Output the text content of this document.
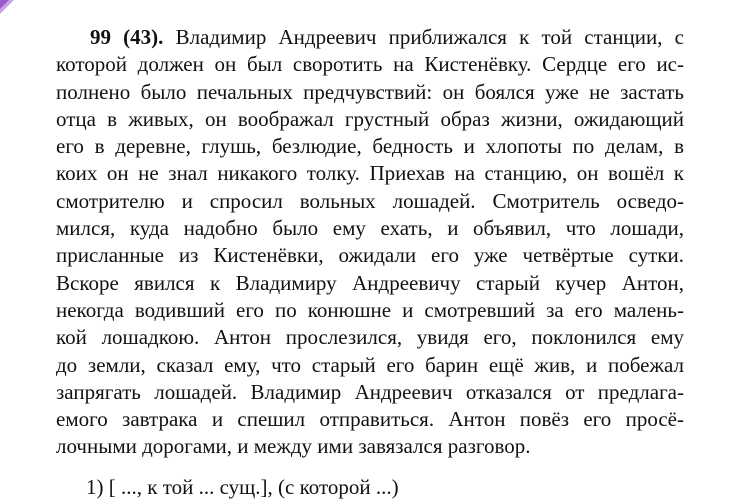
99 (43). Владимир Андреевич приближался к той станции, с
которой должен он был своротить на Кистенёвку. Сердце его ис-
полнено было печальных предчувствий: он боялся уже не застать
отца в живых, он воображал грустный образ жизни, ожидающий
его в деревне, глушь, безлюдие, бедность и хлопоты по делам, в
коих он не знал никакого толку. Приехав на станцию, он вошёл к
смотрителю и спросил вольных лошадей. Смотритель осведо-
мился, куда надобно было ему ехать, и объявил, что лошади,
присланные из Кистенёвки, ожидали его уже четвёртые сутки.
Вскоре явился к Владимиру Андреевичу старый кучер Антон,
некогда водивший его по конюшне и смотревший за его малень-
кой лошадкою. Антон прослезился, увидя его, поклонился ему
до земли, сказал ему, что старый его барин ещё жив, и побежал
запрягать лошадей. Владимир Андреевич отказался от предлага-
емого завтрака и спешил отправиться. Антон повёз его просё-
лочными дорогами, и между ими завязался разговор.
1) [ ..., к той ... сущ.], (с которой ...)
